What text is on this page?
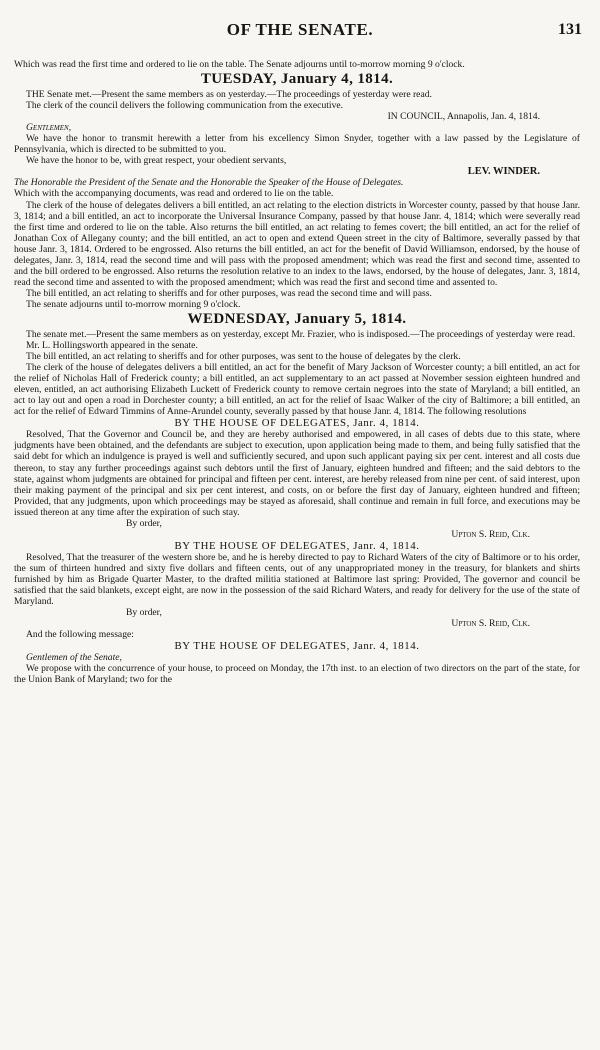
OF THE SENATE.	131

Which was read the first time and ordered to lie on the table. The Senate adjourns until to-morrow morning 9 o'clock.

TUESDAY, January 4, 1814.

THE Senate met.—Present the same members as on yesterday.—The proceedings of yesterday were read.

The clerk of the council delivers the following communication from the executive.

IN COUNCIL, Annapolis, Jan. 4, 1814.

Gentlemen,

We have the honor to transmit herewith a letter from his excellency Simon Snyder, together with a law passed by the Legislature of Pennsylvania, which is directed to be submitted to you.

We have the honor to be, with great respect, your obedient servants,

LEV. WINDER.

The Honorable the President of the Senate and the Honorable the Speaker of the House of Delegates.

Which with the accompanying documents, was read and ordered to lie on the table.

The clerk of the house of delegates delivers a bill entitled, an act relating to the election districts in Worcester county, passed by that house Janr. 3, 1814; and a bill entitled, an act to incorporate the Universal Insurance Company, passed by that house Janr. 4, 1814; which were severally read the first time and ordered to lie on the table. Also returns the bill entitled, an act relating to femes covert; the bill entitled, an act for the relief of Jonathan Cox of Allegany county; and the bill entitled, an act to open and extend Queen street in the city of Baltimore, severally passed by that house Janr. 3, 1814. Ordered to be engrossed. Also returns the bill entitled, an act for the benefit of David Williamson, endorsed, by the house of delegates, Janr. 3, 1814, read the second time and will pass with the proposed amendment; which was read the first and second time, assented to and the bill ordered to be engrossed. Also returns the resolution relative to an index to the laws, endorsed, by the house of delegates, Janr. 3, 1814, read the second time and assented to with the proposed amendment; which was read the first and second time and assented to.

The bill entitled, an act relating to sheriffs and for other purposes, was read the second time and will pass.

The senate adjourns until to-morrow morning 9 o'clock.

WEDNESDAY, January 5, 1814.

The senate met.—Present the same members as on yesterday, except Mr. Frazier, who is indisposed.—The proceedings of yesterday were read.

Mr. L. Hollingsworth appeared in the senate.

The bill entitled, an act relating to sheriffs and for other purposes, was sent to the house of delegates by the clerk.

The clerk of the house of delegates delivers a bill entitled, an act for the benefit of Mary Jackson of Worcester county; a bill entitled, an act for the relief of Nicholas Hall of Frederick county; a bill entitled, an act supplementary to an act passed at November session eighteen hundred and eleven, entitled, an act authorising Elizabeth Luckett of Frederick county to remove certain negroes into the state of Maryland; a bill entitled, an act to lay out and open a road in Dorchester county; a bill entitled, an act for the relief of Isaac Walker of the city of Baltimore; a bill entitled, an act for the relief of Edward Timmins of Anne-Arundel county, severally passed by that house Janr. 4, 1814. The following resolutions

BY THE HOUSE OF DELEGATES, Janr. 4, 1814.

Resolved, That the Governor and Council be, and they are hereby authorised and empowered, in all cases of debts due to this state, where judgments have been obtained, and the defendants are subject to execution, upon application being made to them, and being fully satisfied that the said debt for which an indulgence is prayed is well and sufficiently secured, and upon such applicant paying six per cent. interest and all costs due thereon, to stay any further proceedings against such debtors until the first of January, eighteen hundred and fifteen; and the said debtors to the state, against whom judgments are obtained for principal and fifteen per cent. interest, are hereby released from nine per cent. of said interest, upon their making payment of the principal and six per cent interest, and costs, on or before the first day of January, eighteen hundred and fifteen; Provided, that any judgments, upon which proceedings may be stayed as aforesaid, shall continue and remain in full force, and executions may be issued thereon at any time after the expiration of such stay.

By order,

Upton S. Reid, Clk.

BY THE HOUSE OF DELEGATES, Janr. 4, 1814.

Resolved, That the treasurer of the western shore be, and he is hereby directed to pay to Richard Waters of the city of Baltimore or to his order, the sum of thirteen hundred and sixty five dollars and fifteen cents, out of any unappropriated money in the treasury, for blankets and shirts furnished by him as Brigade Quarter Master, to the drafted militia stationed at Baltimore last spring: Provided, The governor and council be satisfied that the said blankets, except eight, are now in the possession of the said Richard Waters, and ready for delivery for the use of the state of Maryland.

By order,

Upton S. Reid, Clk.

And the following message:

BY THE HOUSE OF DELEGATES, Janr. 4, 1814.

Gentlemen of the Senate,

We propose with the concurrence of your house, to proceed on Monday, the 17th inst. to an election of two directors on the part of the state, for the Union Bank of Maryland; two for the
